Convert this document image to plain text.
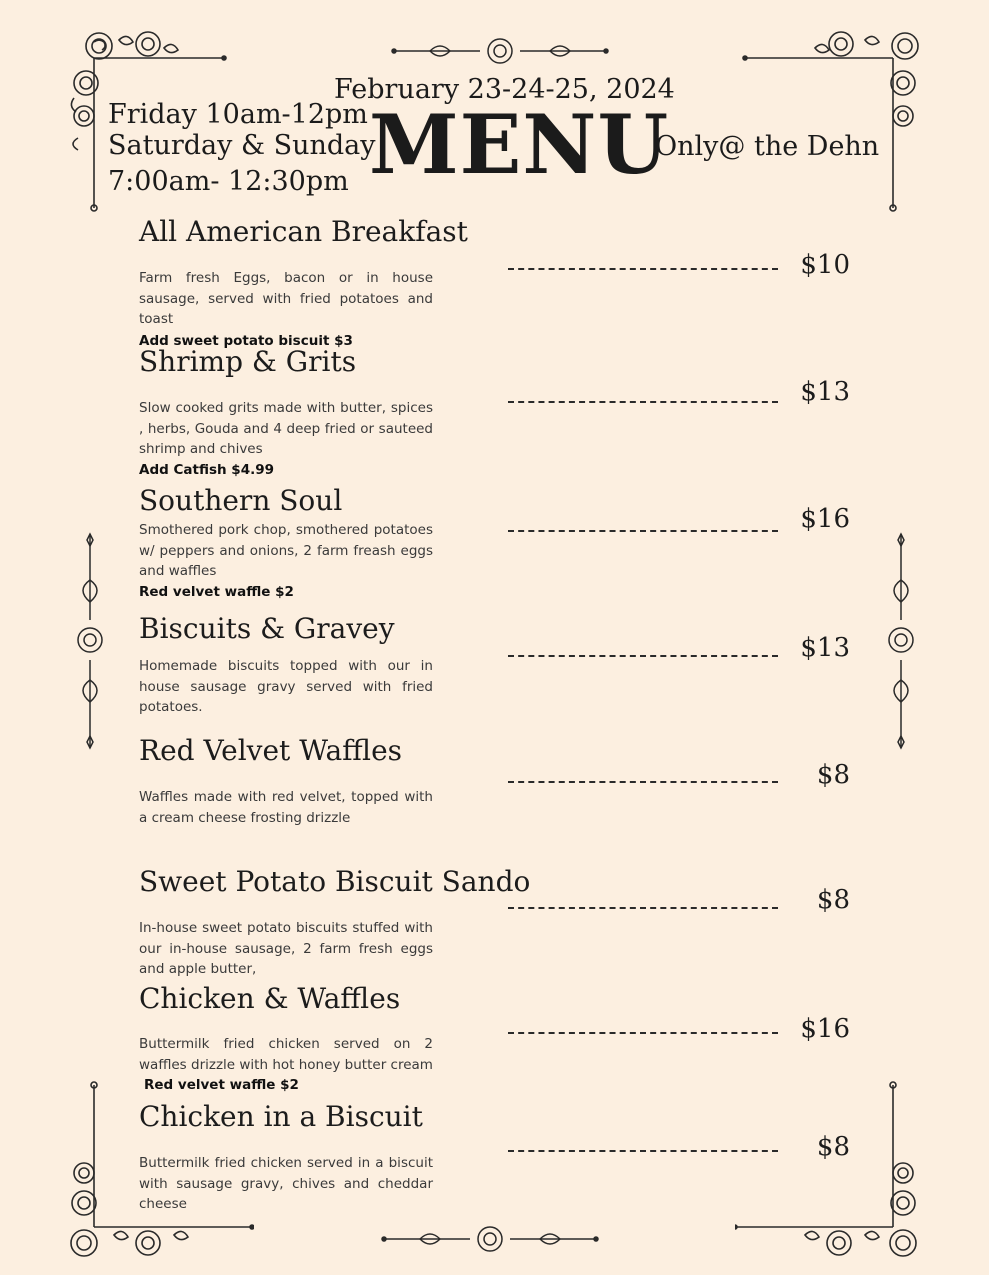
February 23-24-25, 2024
Friday 10am-12pm
Saturday & Sunday
7:00am- 12:30pm MENU
Only@ the Dehn
All American Breakfast
Farm fresh Eggs, bacon or in house sausage, served with fried potatoes and toast
Add sweet potato biscuit $3
$10
Shrimp & Grits
Slow cooked grits made with butter, spices , herbs, Gouda and 4 deep fried or sauteed shrimp and chives
Add Catfish $4.99
$13
Southern Soul
Smothered pork chop, smothered potatoes w/ peppers and onions, 2 farm freash eggs and waffles
Red velvet waffle $2
$16
Biscuits & Gravey
Homemade biscuits topped with our in house sausage gravy served with fried potatoes.
$13
Red Velvet Waffles
Waffles made with red velvet, topped with a cream cheese frosting drizzle
$8
Sweet Potato Biscuit Sando
In-house sweet potato biscuits stuffed with our in-house sausage, 2 farm fresh eggs and apple butter,
$8
Chicken & Waffles
Buttermilk fried chicken served on 2 waffles drizzle with hot honey butter cream
Red velvet waffle $2
$16
Chicken in a Biscuit
Buttermilk fried chicken served in a biscuit with sausage gravy, chives and cheddar cheese
$8
